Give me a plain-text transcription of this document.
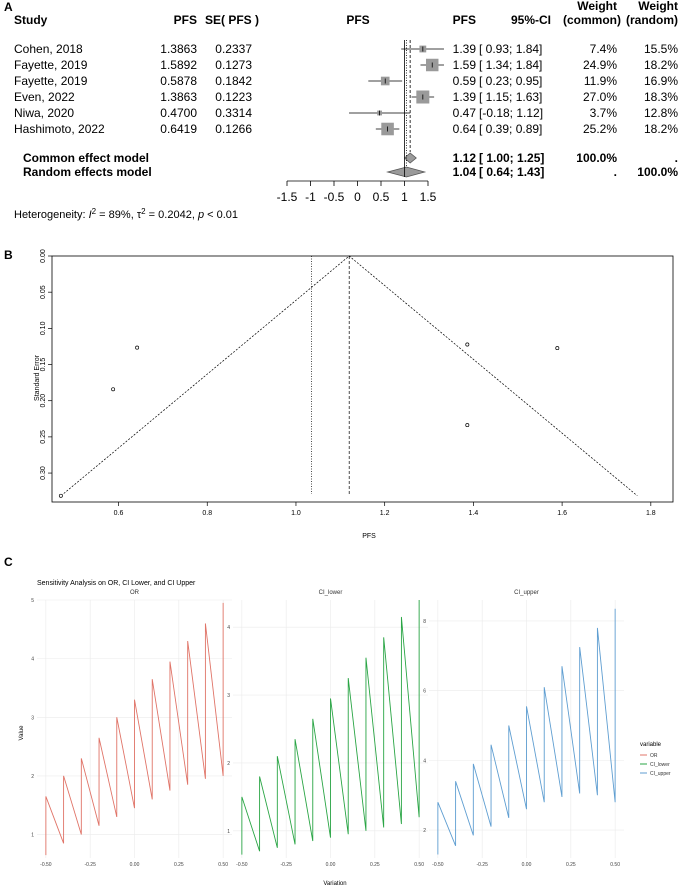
A
Study	PFS SE( PFS )	PFS	PFS	95%-CI
Weight
(common)
Weight
(random)
Cohen, 2018	1.3863 0.2337	1.39 [ 0.93; 1.84]	7.4% 15.5%
Fayette, 2019	1.5892 0.1273	1.59 [ 1.34; 1.84]	24.9% 18.2%
Fayette, 2019	0.5878 0.1842	0.59 [ 0.23; 0.95]	11.9% 16.9%
Even, 2022	1.3863 0.1223	1.39 [ 1.15; 1.63]	27.0% 18.3%
Niwa, 2020	0.4700 0.3314	0.47 [-0.18; 1.12]	3.7% 12.8%
Hashimoto, 2022	0.6419 0.1266	0.64 [ 0.39; 0.89]	25.2% 18.2%
Common effect model	1.12 [ 1.00; 1.25]	100.0%	.
Random effects model	1.04 [ 0.64; 1.43]	. 100.0%
-1.5 -1 -0.5 0 0.5 1 1.5
Heterogeneity: $I^2 = 89\%$, $\tau^2 = 0.2042$, p < 0.01
B
0.6	0.8	1.0	1.2	1.4	1.6	1.8
0.00
0.05
0.10
0.15
0.20
0.25
0.30
PFS
Standard Error
C
Sensitivity Analysis on OR, CI Lower, and CI Upper
OR
-0.50	-0.25	0.00	0.25	0.50
1
2
3
4
5
CI_lower
-0.50	-0.25	0.00	0.25	0.50
1
2
3
4
CI_upper
-0.50	-0.25	0.00	0.25	0.50
2
4
6
8
Value
Variation
variable
OR
CI_lower
CI_upper
